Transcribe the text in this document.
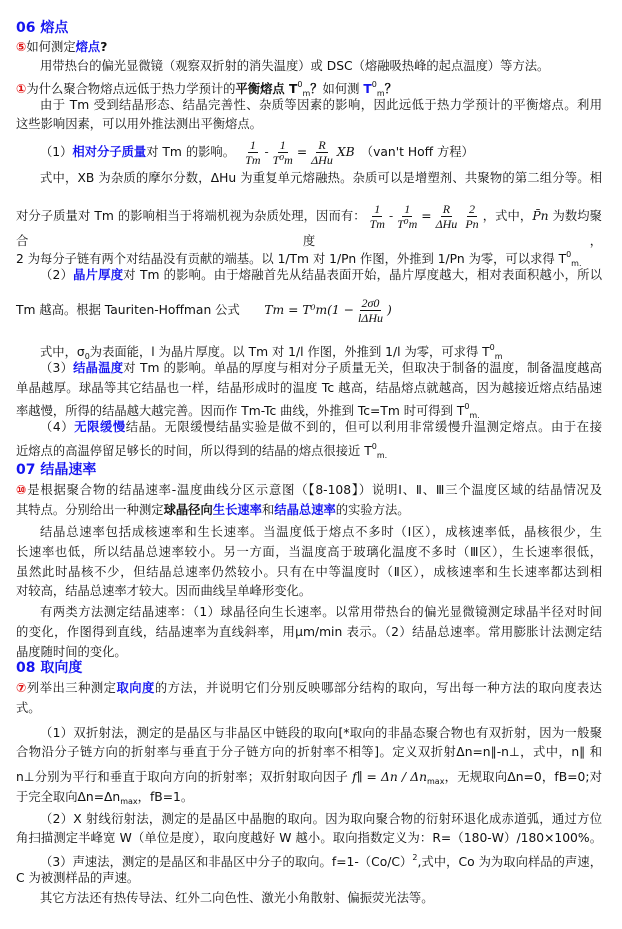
06 熔点
⑤如何测定熔点?
用带热台的偏光显微镜（观察双折射的消失温度）或 DSC（熔融吸热峰的起点温度）等方法。
①为什么聚合物熔点远低于热力学预计的平衡熔点 $T^0_m$？如何测 $T^0_m$？
由于 Tm 受到结晶形态、结晶完善性、杂质等因素的影响，因此远低于热力学预计的平衡熔点。利用
这些影响因素，可以用外推法测出平衡熔点。
（1）相对分子质量对 Tm 的影响。　 $\frac{1}{Tm} - \frac{1}{\text{T⁰m}} = \frac{R}{\text{ΔHu}}$ XB　（van't Hoff 方程）
式中，XB 为杂质的摩尔分数，ΔHu 为重复单元熔融热。杂质可以是增塑剂、共聚物的第二组分等。相
对分子质量对 Tm 的影响相当于将端机视为杂质处理，因而有： $\frac{1}{Tm} - \frac{1}{\text{T⁰m}} = \frac{R}{\text{ΔHu}} \frac{2}{Pn}$ ，式中，P̄n 为数均聚合度，
2 为每分子链有两个对结晶没有贡献的端基。以 1/Tm 对 1/Pn 作图，外推到 1/Pn 为零，可以求得 $T^0_{m.}$
（2）晶片厚度对 Tm 的影响。由于熔融首先从结晶表面开始，晶片厚度越大，相对表面积越小，所以
Tm 越高。根据 Tauriten-Hoffman 公式　　$Tm = T^0m(1 - \frac{2\sigma 0}{\text{lΔHu}}$ )
式中，$\sigma_0$为表面能，l 为晶片厚度。以 Tm 对 1/l 作图，外推到 1/l 为零，可求得 $T^0_m$
（3）结晶温度对 Tm 的影响。单晶的厚度与相对分子质量无关，但取决于制备的温度，制备温度越高
单晶越厚。球晶等其它结晶也一样，结晶形成时的温度 Tc 越高，结晶熔点就越高，因为越接近熔点结晶速
率越慢，所得的结晶越大越完善。因而作 Tm-Tc 曲线，外推到 Tc=Tm 时可得到 $T^0_{m.}$
（4）无限缓慢结晶。无限缓慢结晶实验是做不到的，但可以利用非常缓慢升温测定熔点。由于在接
近熔点的高温停留足够长的时间，所以得到的结晶的熔点很接近 $T^0_{m.}$
07 结晶速率
⑩是根据聚合物的结晶速率-温度曲线分区示意图（【8-108】）说明Ⅰ、Ⅱ、Ⅲ三个温度区域的结晶情况及
其特点。分别给出一种测定球晶径向生长速率和结晶总速率的实验方法。
结晶总速率包括成核速率和生长速率。当温度低于熔点不多时（Ⅰ区），成核速率低，晶核很少，生
长速率也低，所以结晶总速率较小。另一方面，当温度高于玻璃化温度不多时（Ⅲ区），生长速率很低，
虽然此时晶核不少，但结晶总速率仍然较小。只有在中等温度时（Ⅱ区），成核速率和生长速率都达到相
对较高，结晶总速率才较大。因而曲线呈单峰形变化。
有两类方法测定结晶速率：（1）球晶径向生长速率。以常用带热台的偏光显微镜测定球晶半径对时间
的变化，作图得到直线，结晶速率为直线斜率，用μm/min 表示。（2）结晶总速率。常用膨胀计法测定结
晶度随时间的变化。
08 取向度
⑦列举出三种测定取向度的方法，并说明它们分别反映哪部分结构的取向，写出每一种方法的取向度表达
式。
（1）双折射法，测定的是晶区与非晶区中链段的取向[*取向的非晶态聚合物也有双折射，因为一般聚
合物沿分子链方向的折射率与垂直于分子链方向的折射率不相等]。定义双折射Δn=n∥-n⊥，式中，n∥ 和
n⊥分别为平行和垂直于取向方向的折射率；双折射取向因子 f∥ = Δn / $\Delta n_{max}$，无规取向Δn=0，fB=0;对
于完全取向$\Delta n=\Delta n_{max}$，fB=1。
（2）X 射线衍射法，测定的是晶区中晶胞的取向。因为取向聚合物的衍射环退化成赤道弧，通过方位
角扫描测定半峰宽 W（单位是度），取向度越好 W 越小。取向指数定义为：R=（180-W）/180×100%。
（3）声速法，测定的是晶区和非晶区中分子的取向。$f=1-(Co/C)^2$,式中，Co 为为取向样品的声速，
C 为被测样品的声速。
其它方法还有热传导法、红外二向色性、激光小角散射、偏振荧光法等。
